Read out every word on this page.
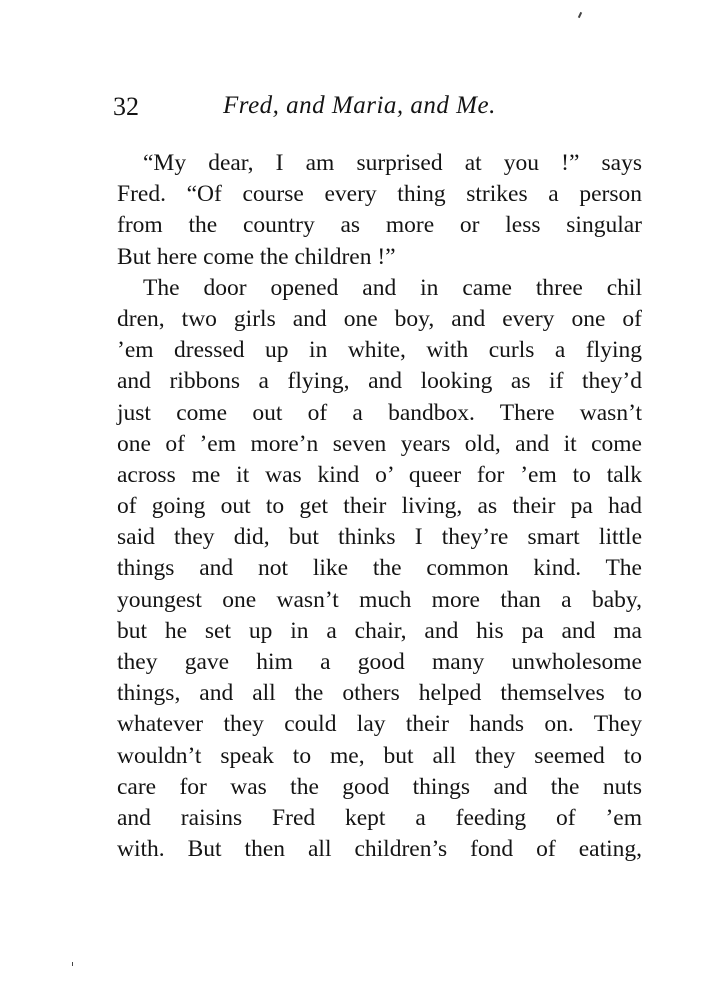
32	Fred, and Maria, and Me.
“My dear, I am surprised at you !” says
Fred. “Of course every thing strikes a person
from the country as more or less singular
But here come the children !”
The door opened and in came three chil
dren, two girls and one boy, and every one of
’em dressed up in white, with curls a flying
and ribbons a flying, and looking as if they’d
just come out of a bandbox. There wasn’t
one of ’em more’n seven years old, and it come
across me it was kind o’ queer for ’em to talk
of going out to get their living, as their pa had
said they did, but thinks I they’re smart little
things and not like the common kind. The
youngest one wasn’t much more than a baby,
but he set up in a chair, and his pa and ma
they gave him a good many unwholesome
things, and all the others helped themselves to
whatever they could lay their hands on. They
wouldn’t speak to me, but all they seemed to
care for was the good things and the nuts
and raisins Fred kept a feeding of ’em
with. But then all children’s fond of eating,
